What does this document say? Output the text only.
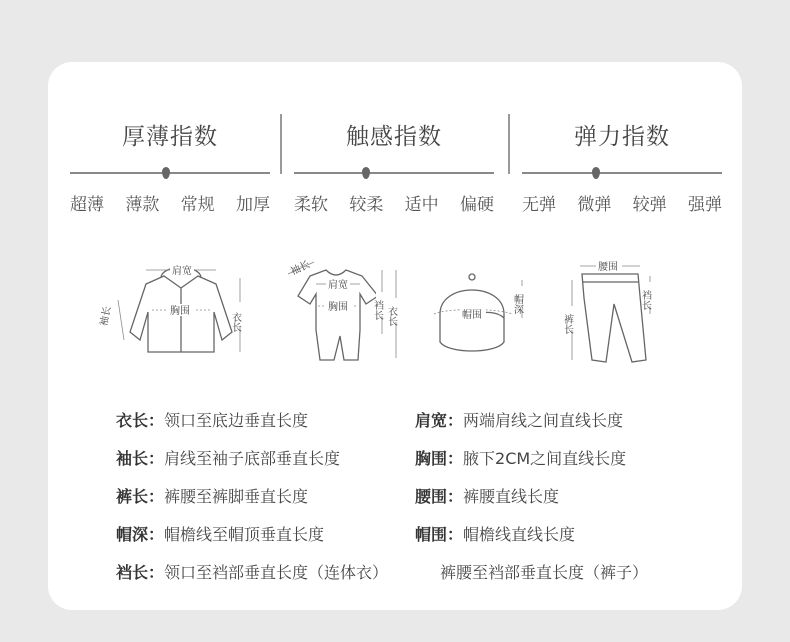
厚薄指数
超薄 薄款 常规 加厚
触感指数
柔软 较柔 适中 偏硬
弹力指数
无弹 微弹 较弹 强弹
肩宽
胸围
袖长	衣长
袖长
肩宽
胸围 裆长 衣长	帽围
帽深
腰围
裤长
裆长
衣长：领口至底边垂直长度	肩宽：两端肩线之间直线长度
袖长：肩线至袖子底部垂直长度	胸围：腋下2CM之间直线长度
裤长：裤腰至裤脚垂直长度	腰围：裤腰直线长度
帽深：帽檐线至帽顶垂直长度	帽围：帽檐线直线长度
裆长：领口至裆部垂直长度（连体衣）	裤腰至裆部垂直长度（裤子）
